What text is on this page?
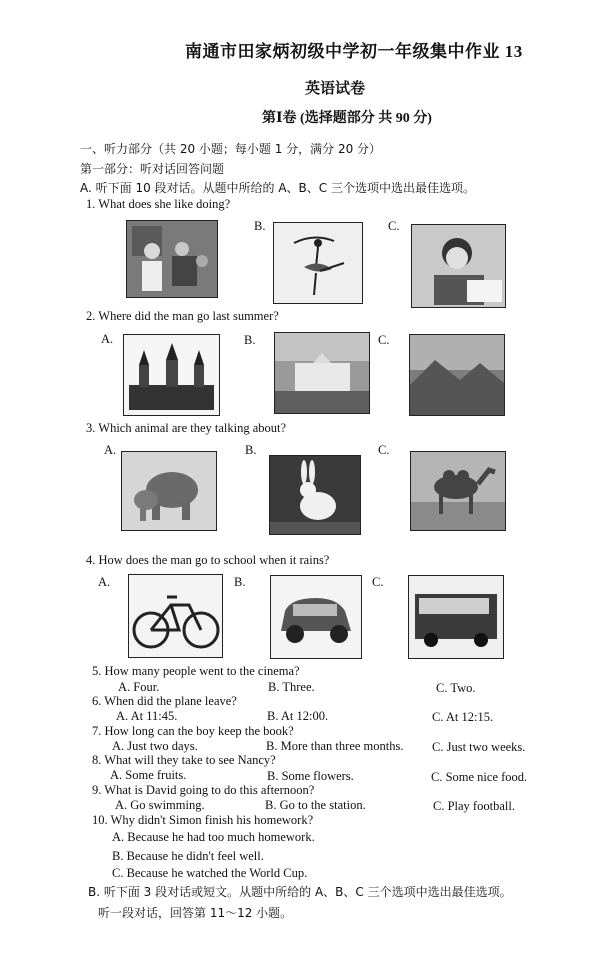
南通市田家炳初级中学初一年级集中作业 13
英语试卷
第Ⅰ卷 (选择题部分 共 90 分)
一、听力部分（共 20 小题；每小题 1 分，满分 20 分）
第一部分：听对话回答问题
A. 听下面 10 段对话。从题中所给的 A、B、C 三个选项中选出最佳选项。
1. What does she like doing?
B.	C.
2. Where did the man go last summer?
A.	B.	C.
3. Which animal are they talking about?
A.	B.	C.
4. How does the man go to school when it rains?
A.	B.	C.
5. How many people went to the cinema?
A. Four.	B. Three.	C. Two.
6. When did the plane leave?
A. At 11:45.	B. At 12:00.	C. At 12:15.
7. How long can the boy keep the book?
A. Just two days.	B. More than three months. C. Just two weeks.
8. What will they take to see Nancy?
A. Some fruits.	B. Some flowers.	C. Some nice food.
9. What is David going to do this afternoon?
A. Go swimming.	B. Go to the station.	C. Play football.
10. Why didn't Simon finish his homework?
A. Because he had too much homework.
B. Because he didn't feel well.
C. Because he watched the World Cup.
B. 听下面 3 段对话或短文。从题中所给的 A、B、C 三个选项中选出最佳选项。
听一段对话，回答第 11～12 小题。
